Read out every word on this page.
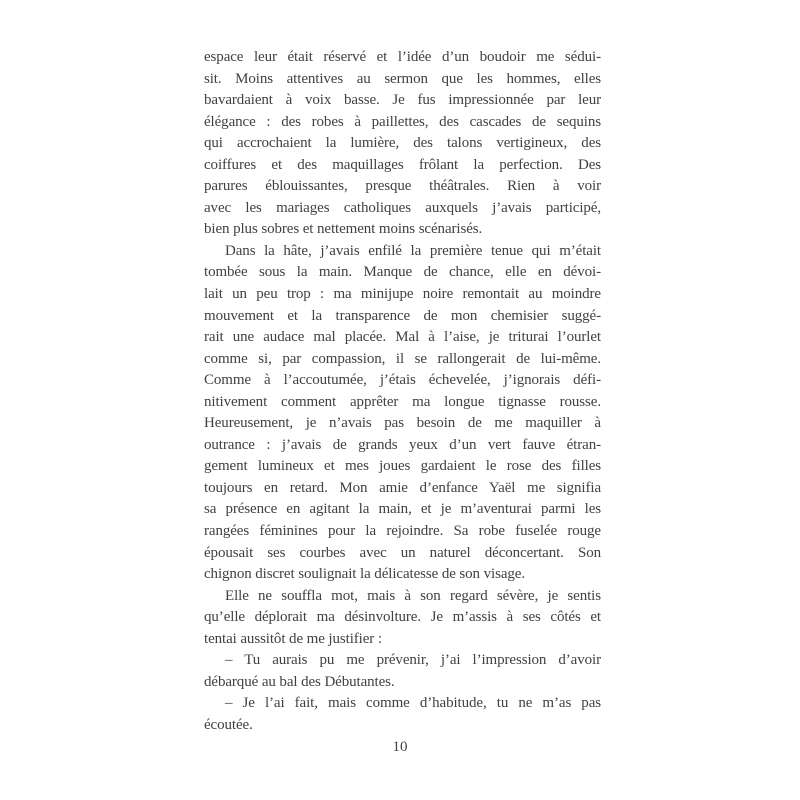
espace leur était réservé et l’idée d’un boudoir me sédui-
sit. Moins attentives au sermon que les hommes, elles
bavardaient à voix basse. Je fus impressionnée par leur
élégance : des robes à paillettes, des cascades de sequins
qui accrochaient la lumière, des talons vertigineux, des
coiffures et des maquillages frôlant la perfection. Des
parures éblouissantes, presque théâtrales. Rien à voir
avec les mariages catholiques auxquels j’avais participé,
bien plus sobres et nettement moins scénarisés.
Dans la hâte, j’avais enfilé la première tenue qui m’était
tombée sous la main. Manque de chance, elle en dévoi-
lait un peu trop : ma minijupe noire remontait au moindre
mouvement et la transparence de mon chemisier suggé-
rait une audace mal placée. Mal à l’aise, je triturai l’ourlet
comme si, par compassion, il se rallongerait de lui-même.
Comme à l’accoutumée, j’étais échevelée, j’ignorais défi-
nitivement comment apprêter ma longue tignasse rousse.
Heureusement, je n’avais pas besoin de me maquiller à
outrance : j’avais de grands yeux d’un vert fauve étran-
gement lumineux et mes joues gardaient le rose des filles
toujours en retard. Mon amie d’enfance Yaël me signifia
sa présence en agitant la main, et je m’aventurai parmi les
rangées féminines pour la rejoindre. Sa robe fuselée rouge
épousait ses courbes avec un naturel déconcertant. Son
chignon discret soulignait la délicatesse de son visage.
Elle ne souffla mot, mais à son regard sévère, je sentis
qu’elle déplorait ma désinvolture. Je m’assis à ses côtés et
tentai aussitôt de me justifier :
– Tu aurais pu me prévenir, j’ai l’impression d’avoir
débarqué au bal des Débutantes.
– Je l’ai fait, mais comme d’habitude, tu ne m’as pas
écoutée.
10
